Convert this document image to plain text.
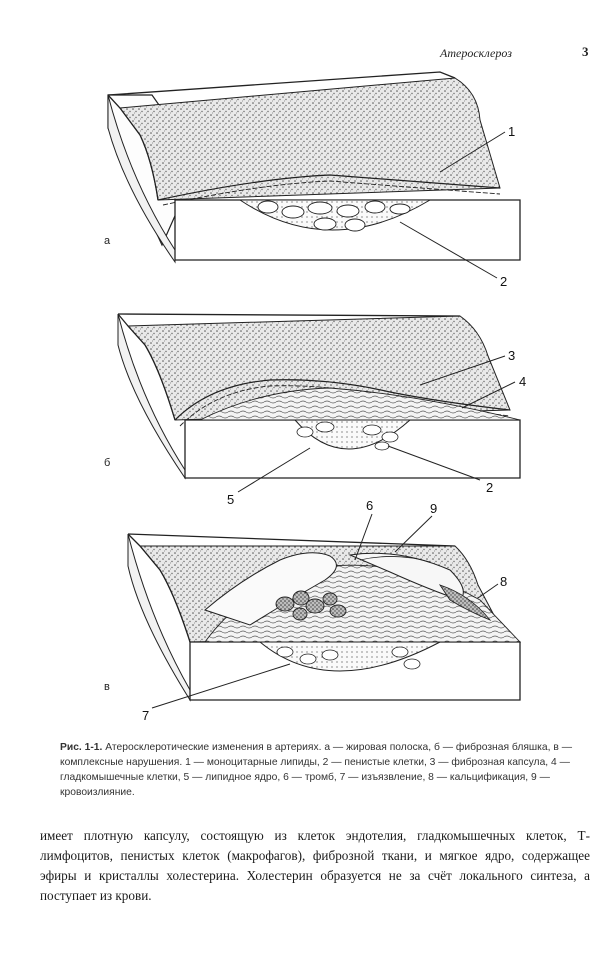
Атеросклероз	3
1
2
а
3
4
5
2
б
6	9
8
7
в
Рис. 1-1. Атеросклеротические изменения в артериях. а — жировая полоска, б — фиброзная бляшка, в — комплексные нарушения. 1 — моноцитарные липиды, 2 — пенистые клетки, 3 — фиброзная капсула, 4 — гладкомышечные клетки, 5 — липидное ядро, 6 — тромб, 7 — изъязвление, 8 — кальцификация, 9 — кровоизлияние.
имеет плотную капсулу, состоящую из клеток эндотелия, гладкомышечных клеток, Т-лимфоцитов, пенистых клеток (макрофагов), фиброзной ткани, и мягкое ядро, содержащее эфиры и кристаллы холестерина. Холестерин образуется не за счёт локального синтеза, а поступает из крови.
